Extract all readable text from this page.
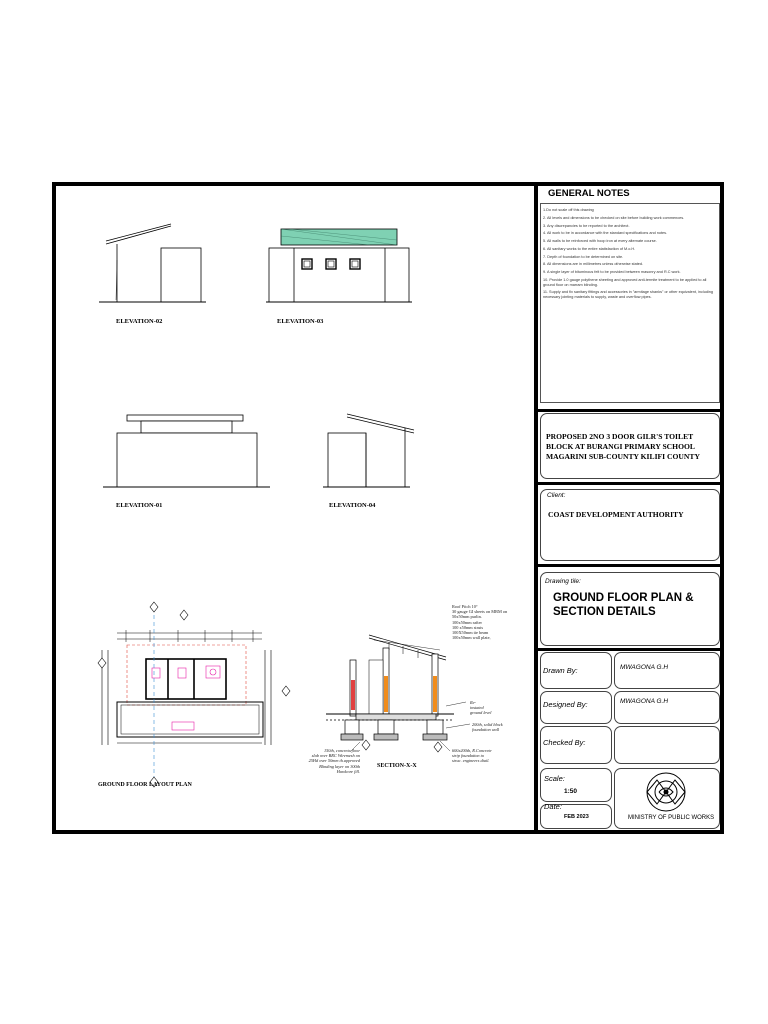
GENERAL NOTES
1.Do not scale off this drawing
2. All levels and dimensions to be checked on site before building work commences.
3. Any discrepancies to be reported to the architect.
4. All work to be in accordance with the standard specifications and notes.
5. All walls to be reinforced with hoop iron at every alternate course.
6. All sanitary works to the entire statisfaction of M.o.H.
7. Depth of foundation to be determined on site.
8. All dimensions are in millimetres unless otherwise stated.
9. A single layer of bituminous felt to be provided between masonry and R.C work.
10. Provide 1.0 gauge polythene sheeting and approved anti-termite treatment to be applied to all ground floor on marram blinding.
11. Supply and fix sanitary fittings and accessories in "armitage shanks" or other equivalent, including necessary jointing materials to supply, waste and overflow pipes.
PROPOSED 2NO 3 DOOR GILR'S TOILET BLOCK AT BURANGI PRIMARY SCHOOL MAGARINI SUB-COUNTY KILIFI COUNTY
Client:
COAST DEVELOPMENT AUTHORITY
Drawing tile:
GROUND FLOOR PLAN &
SECTION DETAILS
Drawn By:	MWAGONA G.H
Designed By:	MWAGONA G.H
Checked By:
Scale:
1:50
Date:
FEB 2023	MINISTRY OF PUBLIC WORKS
ELEVATION-02	ELEVATION-03
ELEVATION-01	ELEVATION-04
GROUND FLOOR LAYOUT PLAN
SECTION-X-X
Roof Pitch 10°
30 gauge GI sheets on MRM on
50x50mm purlin.
100x50mm rafter
100 x50mm struts
100X50mm tie beam
100x50mm wall plate,
Re-
instated
ground level
200th, solid block
foundation wall
600x200th, R.Concrete
strip foundation to
struc. engineers dtail.
150th, concrete floor
slab over BRC Wiremesh on
25Hd over 50mm th.approved
Blinding layer on 300th
Hardcore fill.
